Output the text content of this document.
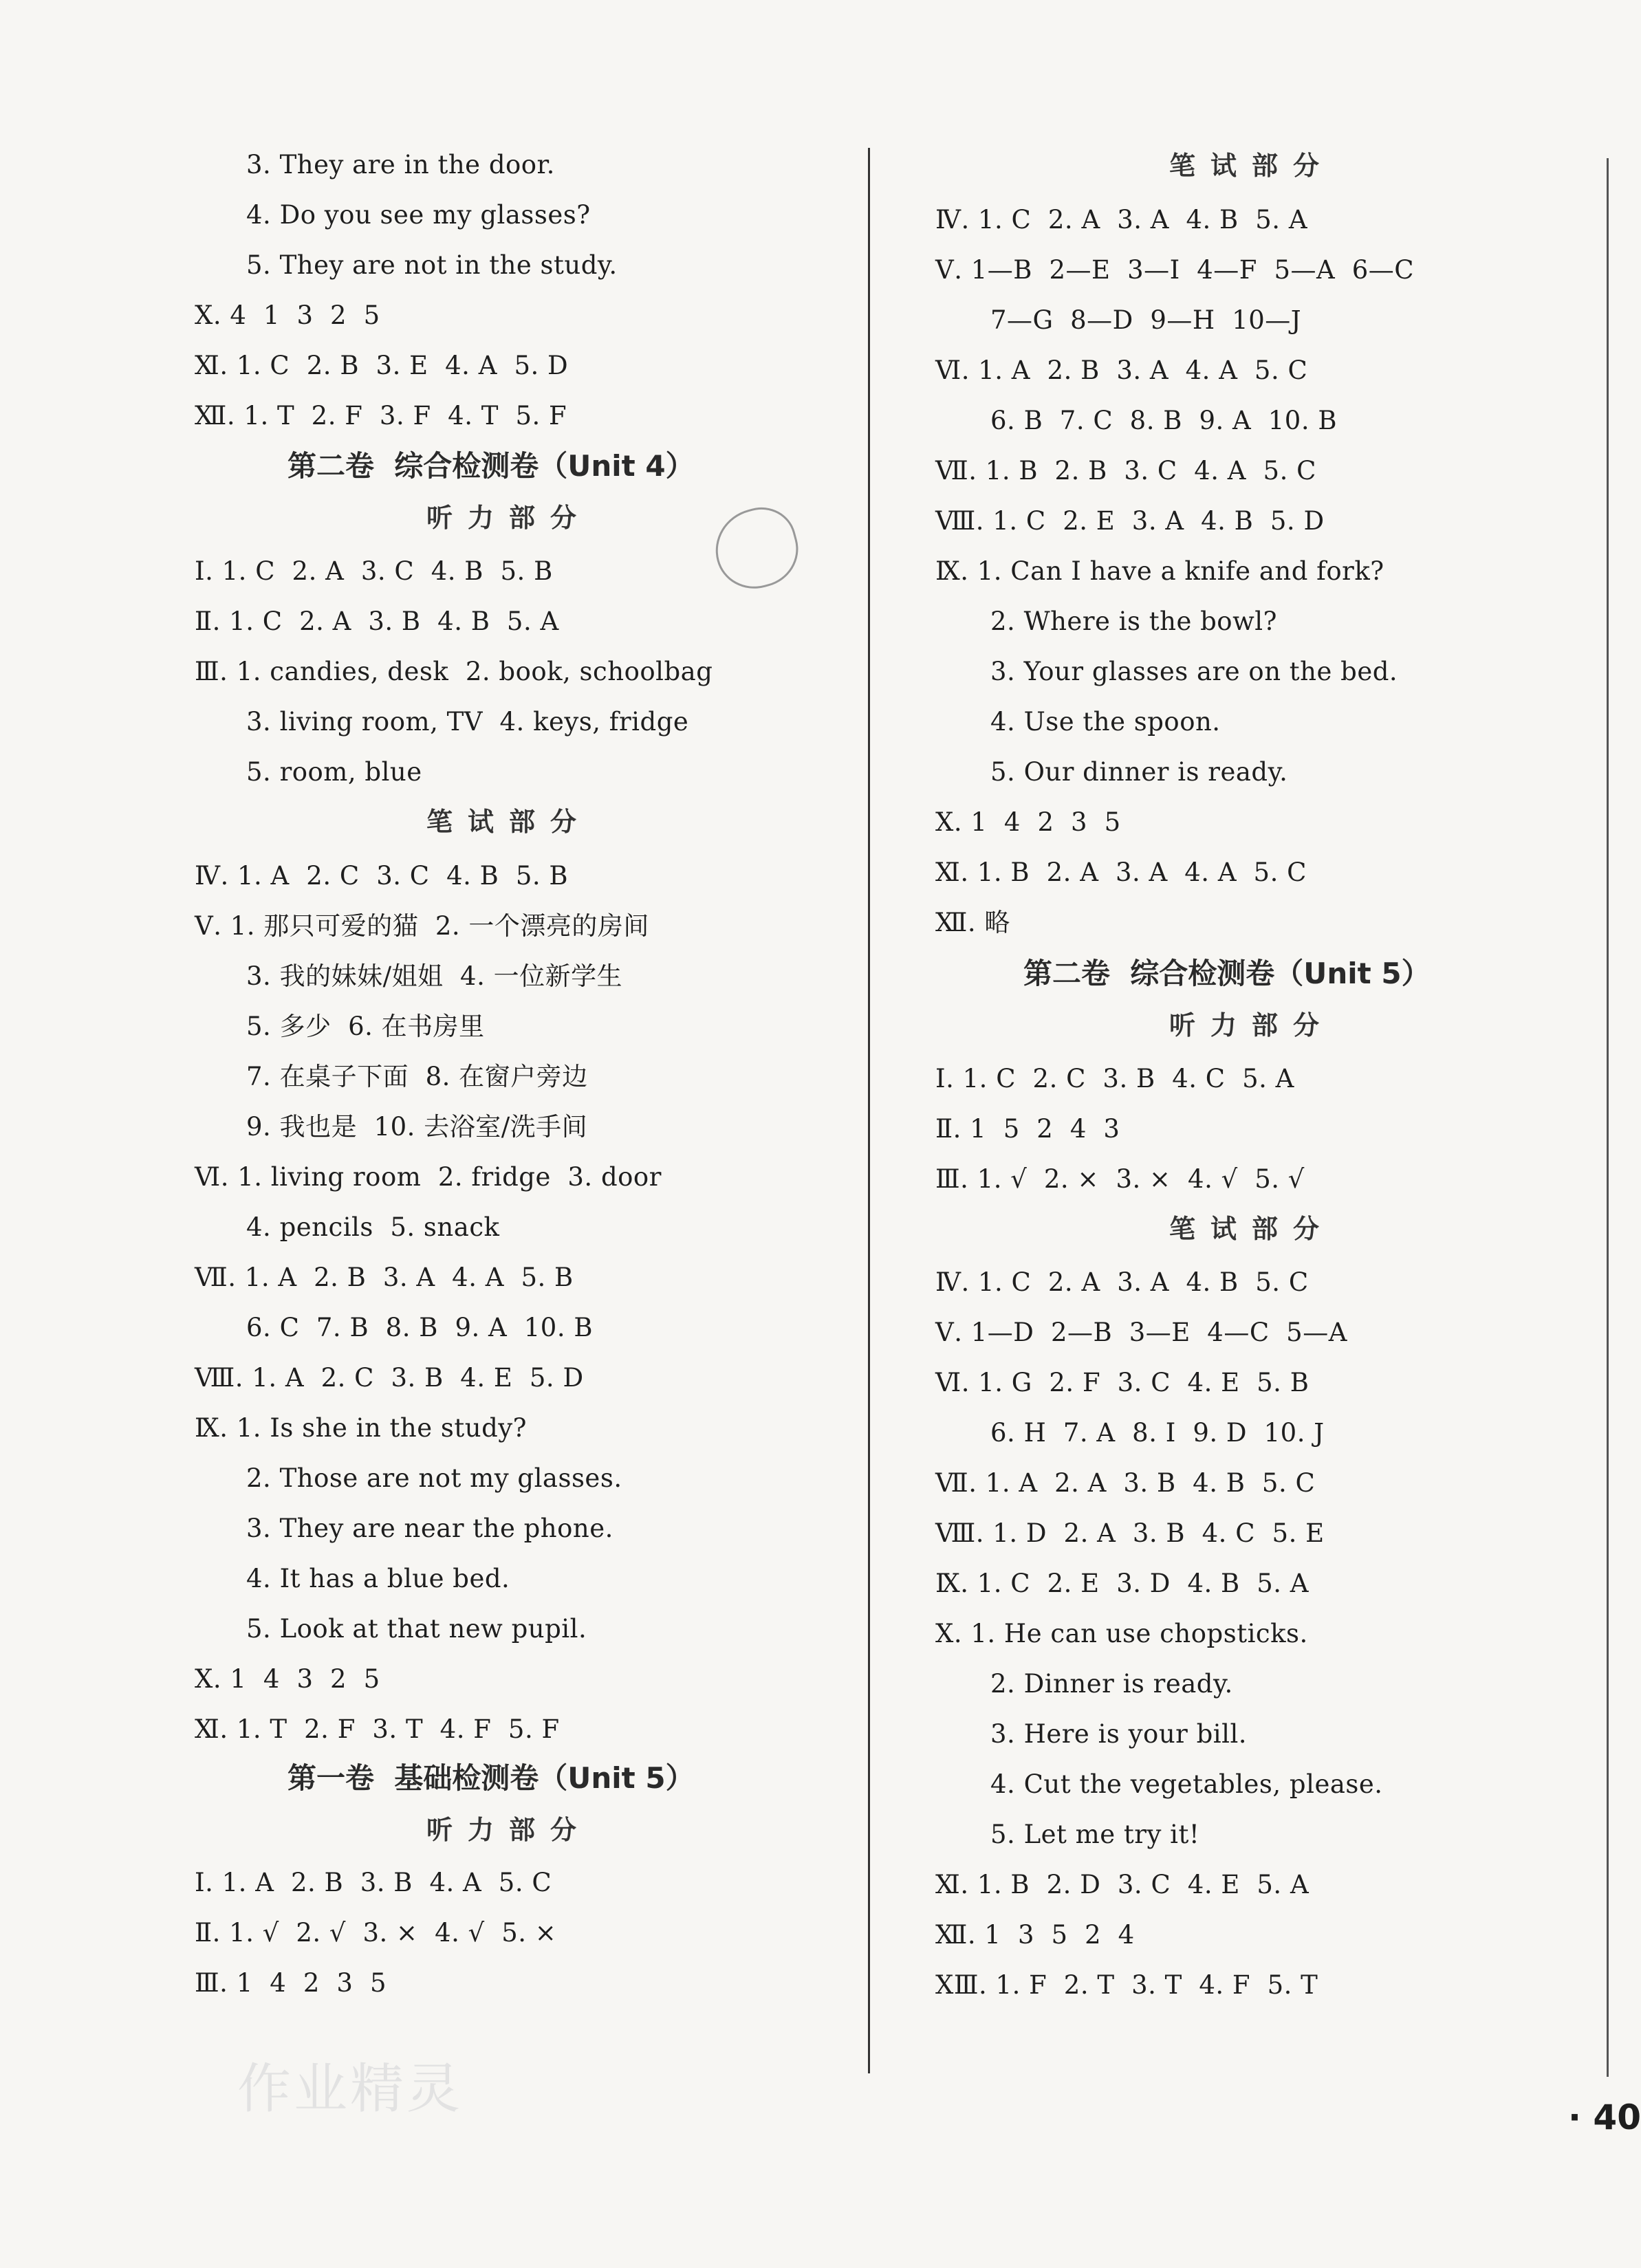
3. They are in the door.
4. Do you see my glasses?
5. They are not in the study.
Ⅹ. 4  1  3  2  5
Ⅺ. 1. C  2. B  3. E  4. A  5. D
Ⅻ. 1. T  2. F  3. F  4. T  5. F
第二卷  综合检测卷（Unit 4）
听力部分
Ⅰ. 1. C  2. A  3. C  4. B  5. B
Ⅱ. 1. C  2. A  3. B  4. B  5. A
Ⅲ. 1. candies, desk  2. book, schoolbag
3. living room, TV  4. keys, fridge
5. room, blue
笔试部分
Ⅳ. 1. A  2. C  3. C  4. B  5. B
Ⅴ. 1. 那只可爱的猫  2. 一个漂亮的房间
3. 我的妹妹/姐姐  4. 一位新学生
5. 多少  6. 在书房里
7. 在桌子下面  8. 在窗户旁边
9. 我也是  10. 去浴室/洗手间
Ⅵ. 1. living room  2. fridge  3. door
4. pencils  5. snack
Ⅶ. 1. A  2. B  3. A  4. A  5. B
6. C  7. B  8. B  9. A  10. B
Ⅷ. 1. A  2. C  3. B  4. E  5. D
Ⅸ. 1. Is she in the study?
2. Those are not my glasses.
3. They are near the phone.
4. It has a blue bed.
5. Look at that new pupil.
Ⅹ. 1  4  3  2  5
Ⅺ. 1. T  2. F  3. T  4. F  5. F
第一卷  基础检测卷（Unit 5）
听力部分
Ⅰ. 1. A  2. B  3. B  4. A  5. C
Ⅱ. 1. √  2. √  3. ×  4. √  5. ×
Ⅲ. 1  4  2  3  5
笔试部分
Ⅳ. 1. C  2. A  3. A  4. B  5. A
Ⅴ. 1—B  2—E  3—I  4—F  5—A  6—C
7—G  8—D  9—H  10—J
Ⅵ. 1. A  2. B  3. A  4. A  5. C
6. B  7. C  8. B  9. A  10. B
Ⅶ. 1. B  2. B  3. C  4. A  5. C
Ⅷ. 1. C  2. E  3. A  4. B  5. D
Ⅸ. 1. Can I have a knife and fork?
2. Where is the bowl?
3. Your glasses are on the bed.
4. Use the spoon.
5. Our dinner is ready.
Ⅹ. 1  4  2  3  5
Ⅺ. 1. B  2. A  3. A  4. A  5. C
Ⅻ. 略
第二卷  综合检测卷（Unit 5）
听力部分
Ⅰ. 1. C  2. C  3. B  4. C  5. A
Ⅱ. 1  5  2  4  3
Ⅲ. 1. √  2. ×  3. ×  4. √  5. √
笔试部分
Ⅳ. 1. C  2. A  3. A  4. B  5. C
Ⅴ. 1—D  2—B  3—E  4—C  5—A
Ⅵ. 1. G  2. F  3. C  4. E  5. B
6. H  7. A  8. I  9. D  10. J
Ⅶ. 1. A  2. A  3. B  4. B  5. C
Ⅷ. 1. D  2. A  3. B  4. C  5. E
Ⅸ. 1. C  2. E  3. D  4. B  5. A
Ⅹ. 1. He can use chopsticks.
2. Dinner is ready.
3. Here is your bill.
4. Cut the vegetables, please.
5. Let me try it!
Ⅺ. 1. B  2. D  3. C  4. E  5. A
Ⅻ. 1  3  5  2  4
ⅩⅢ. 1. F  2. T  3. T  4. F  5. T
作业精灵	· 40
